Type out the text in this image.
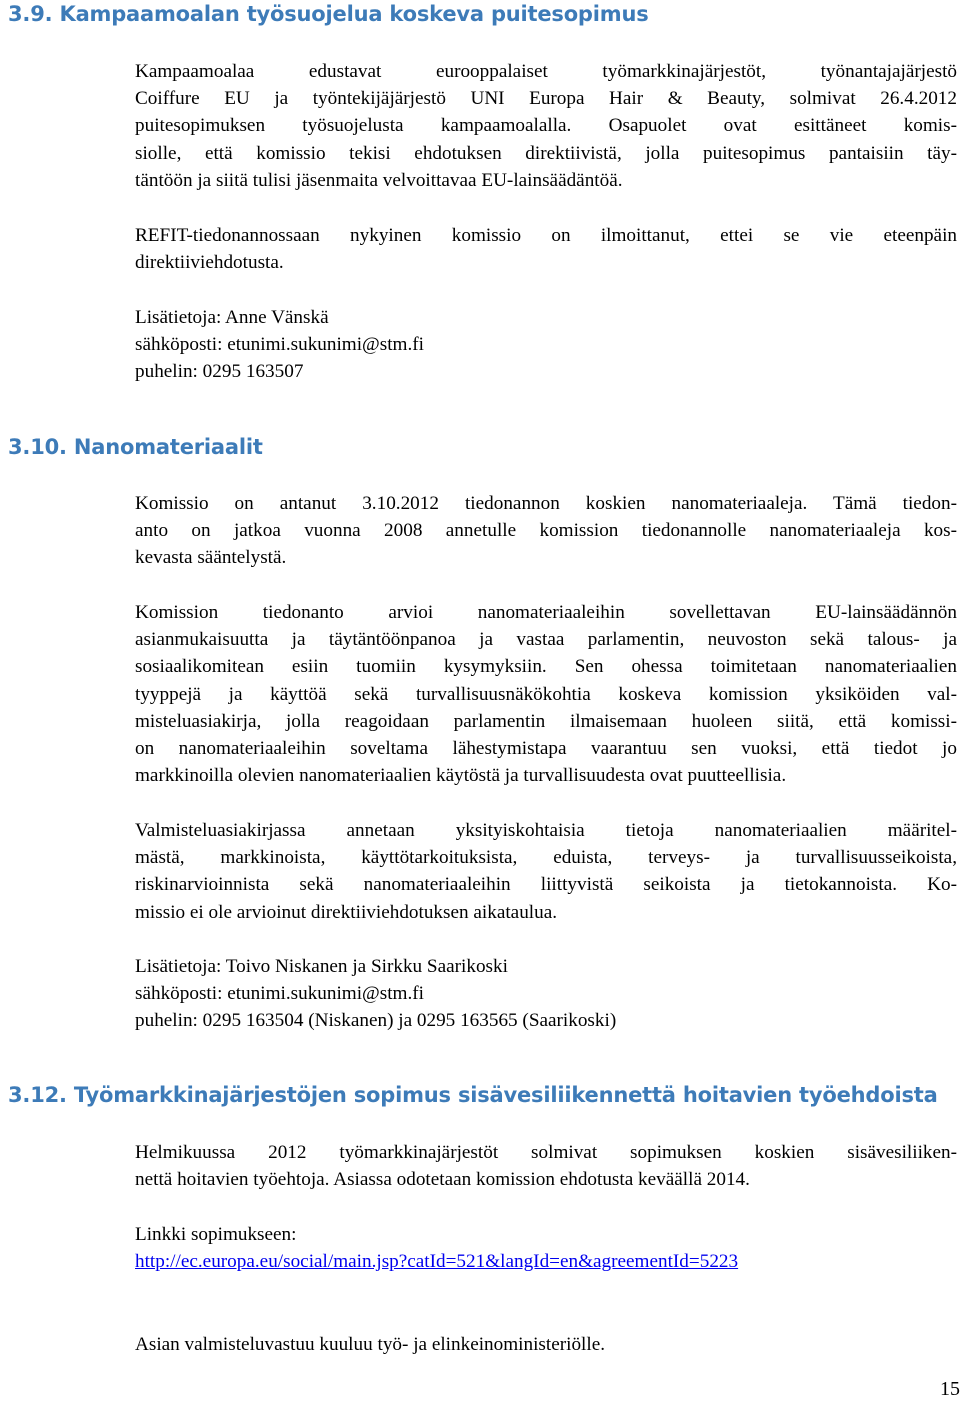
3.9. Kampaamoalan työsuojelua koskeva puitesopimus

Kampaamoalaa edustavat eurooppalaiset työmarkkinajärjestöt, työnantajajärjestö
Coiffure EU ja työntekijäjärjestö UNI Europa Hair & Beauty, solmivat 26.4.2012
puitesopimuksen työsuojelusta kampaamoalalla. Osapuolet ovat esittäneet komis-
siolle, että komissio tekisi ehdotuksen direktiivistä, jolla puitesopimus pantaisiin täy-
täntöön ja siitä tulisi jäsenmaita velvoittavaa EU-lainsäädäntöä.

REFIT-tiedonannossaan nykyinen komissio on ilmoittanut, ettei se vie eteenpäin
direktiiviehdotusta.

Lisätietoja: Anne Vänskä
sähköposti: etunimi.sukunimi@stm.fi
puhelin: 0295 163507

3.10. Nanomateriaalit

Komissio on antanut 3.10.2012 tiedonannon koskien nanomateriaaleja. Tämä tiedon-
anto on jatkoa vuonna 2008 annetulle komission tiedonannolle nanomateriaaleja kos-
kevasta sääntelystä.

Komission tiedonanto arvioi nanomateriaaleihin sovellettavan EU-lainsäädännön
asianmukaisuutta ja täytäntöönpanoa ja vastaa parlamentin, neuvoston sekä talous- ja
sosiaalikomitean esiin tuomiin kysymyksiin. Sen ohessa toimitetaan nanomateriaalien
tyyppejä ja käyttöä sekä turvallisuusnäkökohtia koskeva komission yksiköiden val-
misteluasiakirja, jolla reagoidaan parlamentin ilmaisemaan huoleen siitä, että komissi-
on nanomateriaaleihin soveltama lähestymistapa vaarantuu sen vuoksi, että tiedot jo
markkinoilla olevien nanomateriaalien käytöstä ja turvallisuudesta ovat puutteellisia.

Valmisteluasiakirjassa annetaan yksityiskohtaisia tietoja nanomateriaalien määritel-
mästä, markkinoista, käyttötarkoituksista, eduista, terveys- ja turvallisuusseikoista,
riskinarvioinnista sekä nanomateriaaleihin liittyvistä seikoista ja tietokannoista. Ko-
missio ei ole arvioinut direktiiviehdotuksen aikataulua.

Lisätietoja: Toivo Niskanen ja Sirkku Saarikoski
sähköposti: etunimi.sukunimi@stm.fi
puhelin: 0295 163504 (Niskanen) ja 0295 163565 (Saarikoski)

3.12. Työmarkkinajärjestöjen sopimus sisävesiliikennettä hoitavien työehdoista

Helmikuussa 2012 työmarkkinajärjestöt solmivat sopimuksen koskien sisävesiliiken-
nettä hoitavien työehtoja. Asiassa odotetaan komission ehdotusta keväällä 2014.

Linkki sopimukseen:
http://ec.europa.eu/social/main.jsp?catId=521&langId=en&agreementId=5223

Asian valmisteluvastuu kuuluu työ- ja elinkeinoministeriölle.

15
